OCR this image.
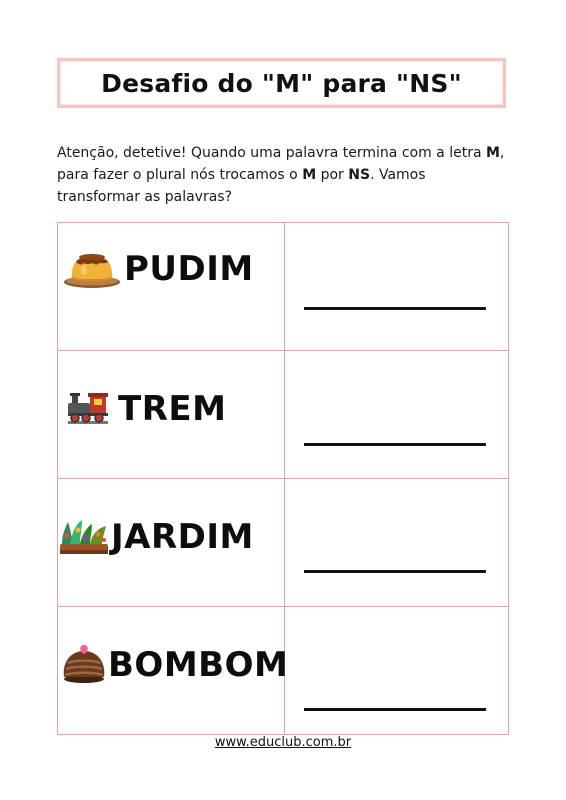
Desafio do "M" para "NS"

Atenção, detetive! Quando uma palavra termina com a letra M, para fazer o plural nós trocamos o M por NS. Vamos transformar as palavras?

PUDIM	

TREM	

JARDIM	

BOMBOM	

www.educlub.com.br
